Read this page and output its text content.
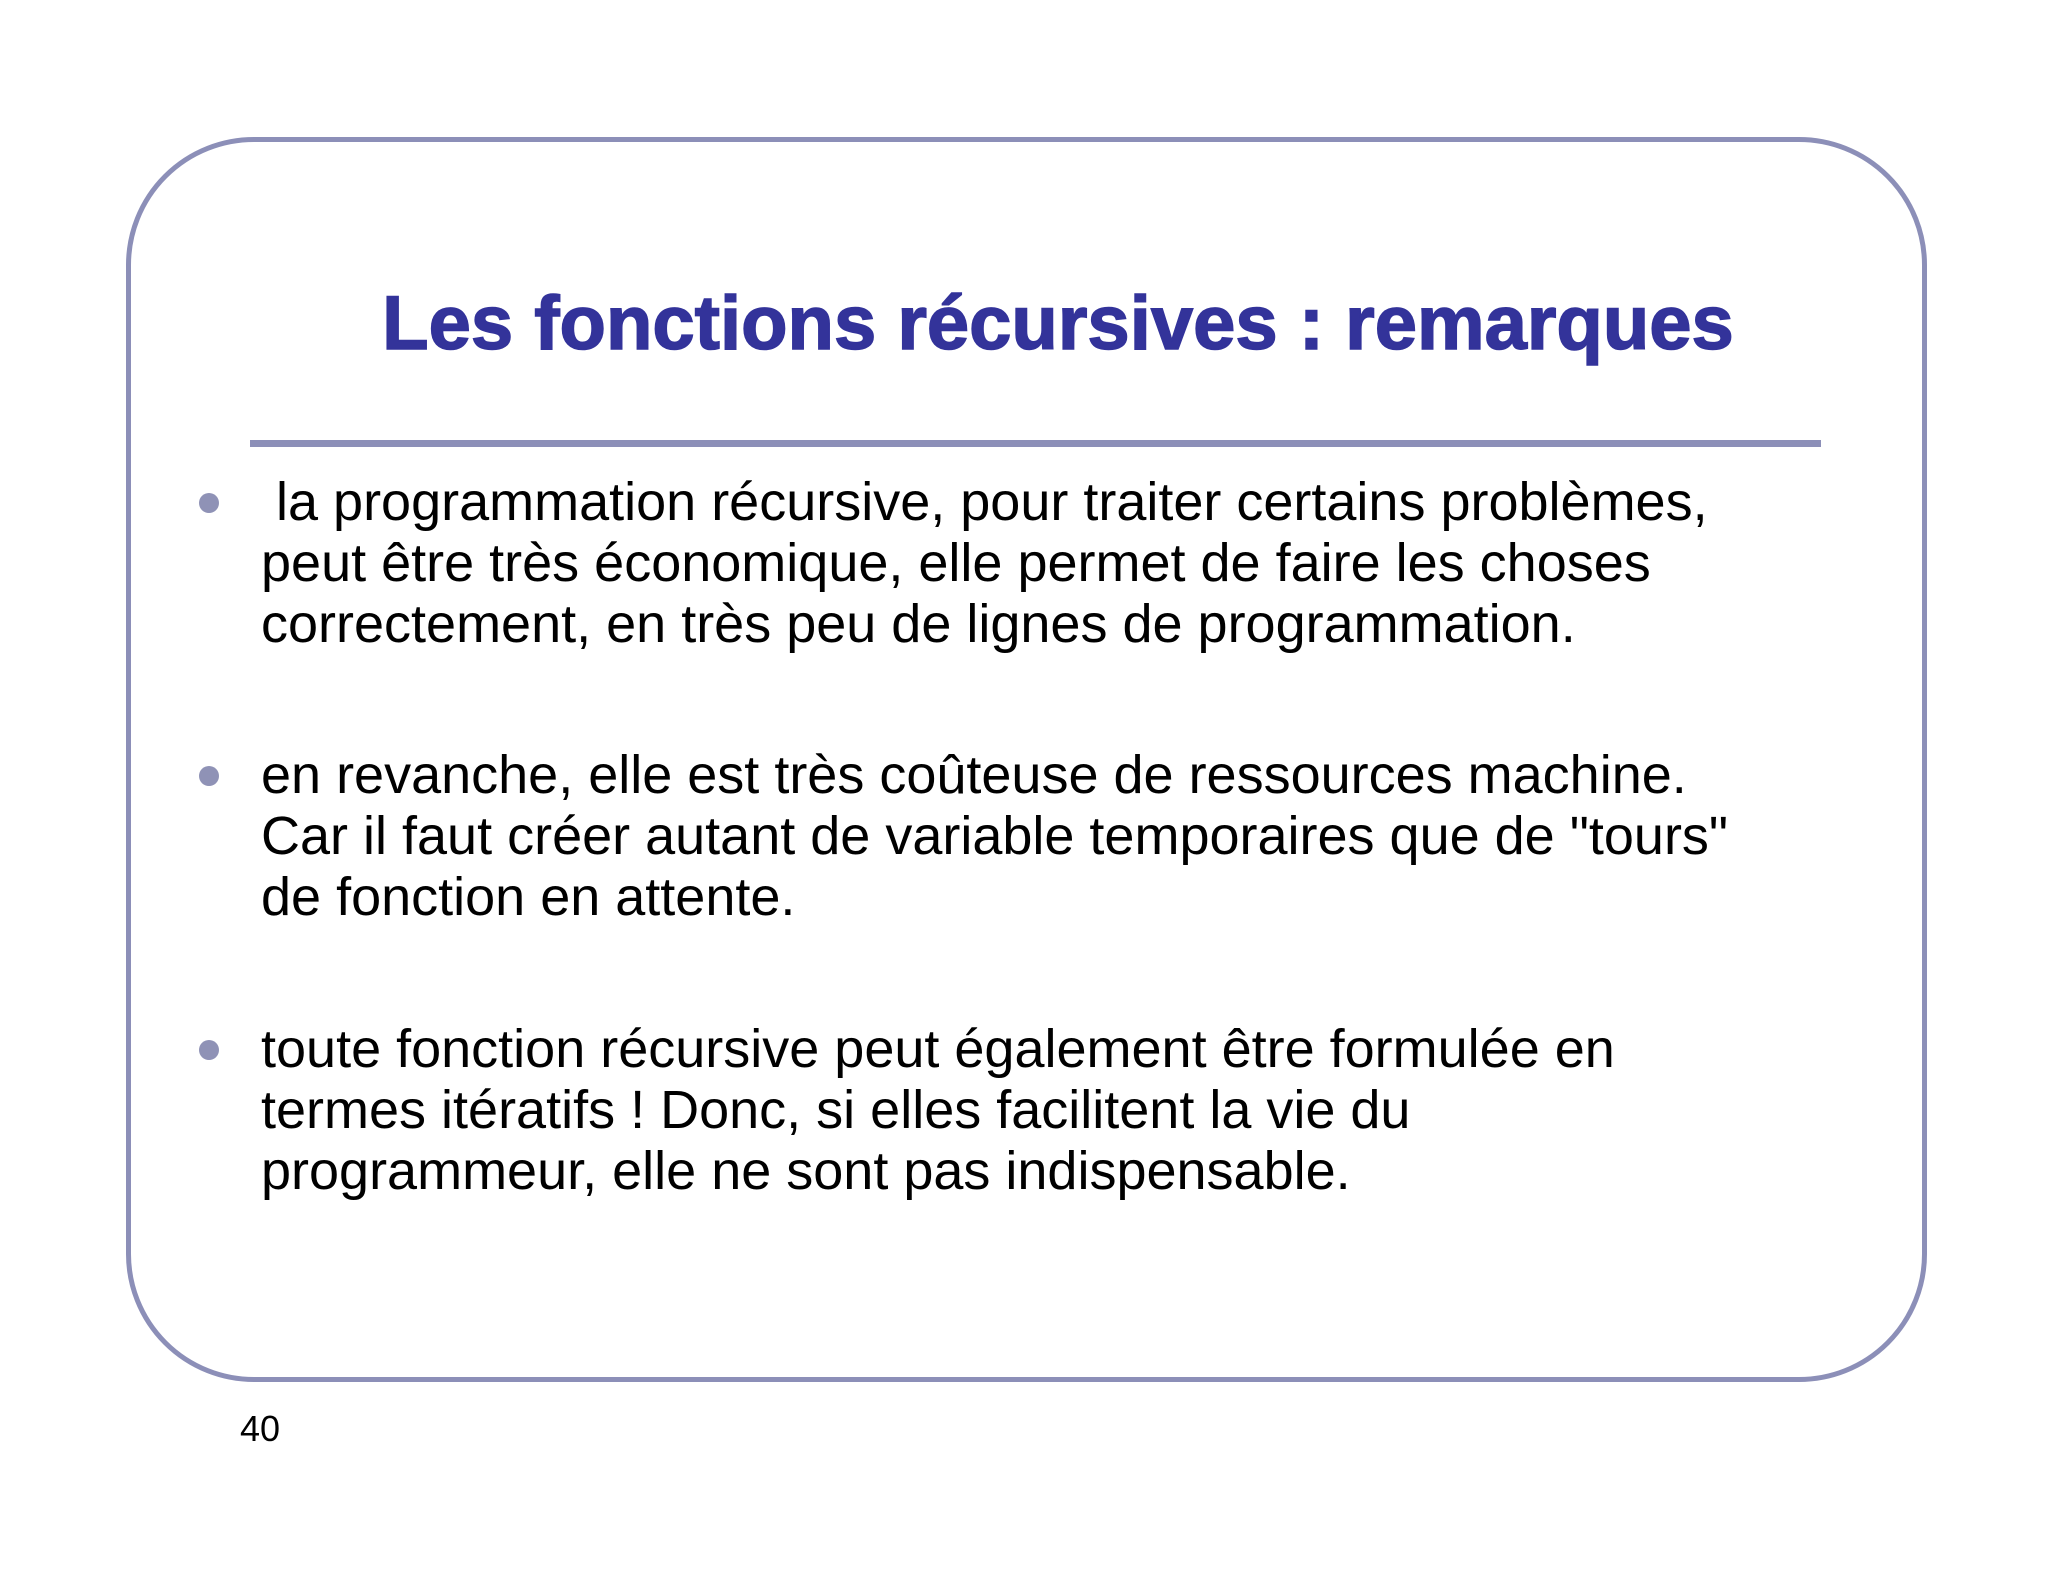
Les fonctions récursives : remarques
la programmation récursive, pour traiter certains problèmes,
peut être très économique, elle permet de faire les choses
correctement, en très peu de lignes de programmation.
en revanche, elle est très coûteuse de ressources machine.
Car il faut créer autant de variable temporaires que de "tours"
de fonction en attente.
toute fonction récursive peut également être formulée en
termes itératifs ! Donc, si elles facilitent la vie du
programmeur, elle ne sont pas indispensable.
40
